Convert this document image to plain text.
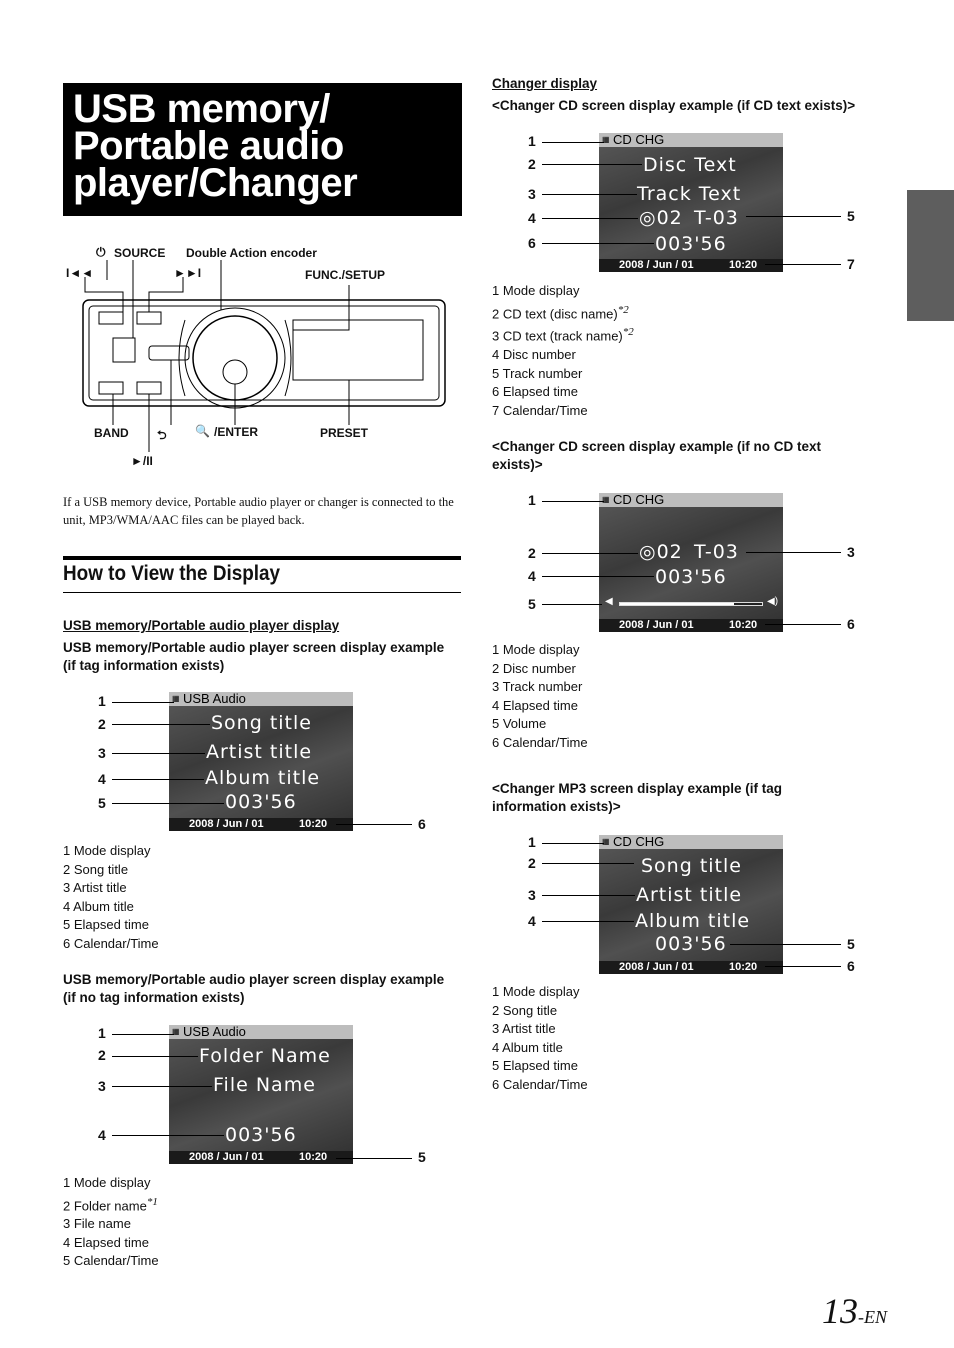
USB memory/ Portable audio player/Changer
⏻ SOURCE Double Action encoder
I◄◄	►►I	FUNC./SETUP
BAND ⮌ 🔍 /ENTER	PRESET
►/II

If a USB memory device, Portable audio player or changer is connected to the unit, MP3/WMA/AAC files can be played back.

How to View the Display
USB memory/Portable audio player display
USB memory/Portable audio player screen display example (if tag information exists)
▦ USB Audio
Song title
Artist title
Album title
003'56
2008 / Jun / 01	10:20
1
2
3
4
5
6
1 Mode display
2 Song title
3 Artist title
4 Album title
5 Elapsed time
6 Calendar/Time
USB memory/Portable audio player screen display example (if no tag information exists)
▦ USB Audio
Folder Name
File Name
003'56
2008 / Jun / 01	10:20
1
2
3
4
5
1 Mode display
2 Folder name$^{*1}$
3 File name
4 Elapsed time
5 Calendar/Time
Changer display
<Changer CD screen display example (if CD text exists)>
▦ CD CHG
Disc Text
Track Text
◎02 T-03
003'56
2008 / Jun / 01	10:20
1
2
3
4
6
5
7
1 Mode display
2 CD text (disc name)$^{*2}$
3 CD text (track name)$^{*2}$
4 Disc number
5 Track number
6 Elapsed time
7 Calendar/Time
<Changer CD screen display example (if no CD text exists)>
▦ CD CHG
◎02 T-03
003'56
◀	◀)
2008 / Jun / 01	10:20
1
2
4
5
3
6
1 Mode display
2 Disc number
3 Track number
4 Elapsed time
5 Volume
6 Calendar/Time
<Changer MP3 screen display example (if tag information exists)>
▦ CD CHG
Song title
Artist title
Album title
003'56
2008 / Jun / 01	10:20
1
2
3
4
5
6
1 Mode display
2 Song title
3 Artist title
4 Album title
5 Elapsed time
6 Calendar/Time
13-EN
